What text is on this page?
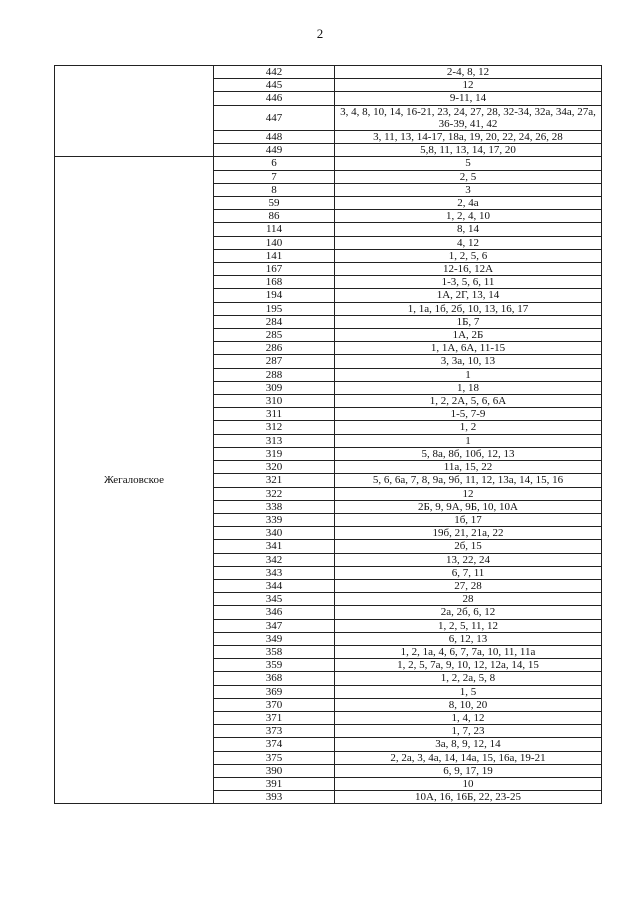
2
	442	2-4, 8, 12
	445	12
	446	9-11, 14
	447	3, 4, 8, 10, 14, 16-21, 23, 24, 27, 28, 32-34, 32а, 34а, 27а, 36-39, 41, 42
	448	3, 11, 13, 14-17, 18а, 19, 20, 22, 24, 26, 28
	449	5,8, 11, 13, 14, 17, 20
Жегаловское	6	5
	7	2, 5
	8	3
	59	2, 4а
	86	1, 2, 4, 10
	114	8, 14
	140	4, 12
	141	1, 2, 5, 6
	167	12-16, 12А
	168	1-3, 5, 6, 11
	194	1А, 2Г, 13, 14
	195	1, 1а, 1б, 2б, 10, 13, 16, 17
	284	1Б, 7
	285	1А, 2Б
	286	1, 1А, 6А, 11-15
	287	3, 3а, 10, 13
	288	1
	309	1, 18
	310	1, 2, 2А, 5, 6, 6А
	311	1-5, 7-9
	312	1, 2
	313	1
	319	5, 8а, 8б, 10б, 12, 13
	320	11а, 15, 22
	321	5, 6, 6а, 7, 8, 9а, 9б, 11, 12, 13а, 14, 15, 16
	322	12
	338	2Б, 9, 9А, 9Б, 10, 10А
	339	1б, 17
	340	19б, 21, 21а, 22
	341	2б, 15
	342	13, 22, 24
	343	6, 7, 11
	344	27, 28
	345	28
	346	2а, 2б, 6, 12
	347	1, 2, 5, 11, 12
	349	6, 12, 13
	358	1, 2, 1а, 4, 6, 7, 7а, 10, 11, 11а
	359	1, 2, 5, 7а, 9, 10, 12, 12а, 14, 15
	368	1, 2, 2а, 5, 8
	369	1, 5
	370	8, 10, 20
	371	1, 4, 12
	373	1, 7, 23
	374	3а, 8, 9, 12, 14
	375	2, 2а, 3, 4а, 14, 14а, 15, 16а, 19-21
	390	6, 9, 17, 19
	391	10
	393	10А, 16, 16Б, 22, 23-25
